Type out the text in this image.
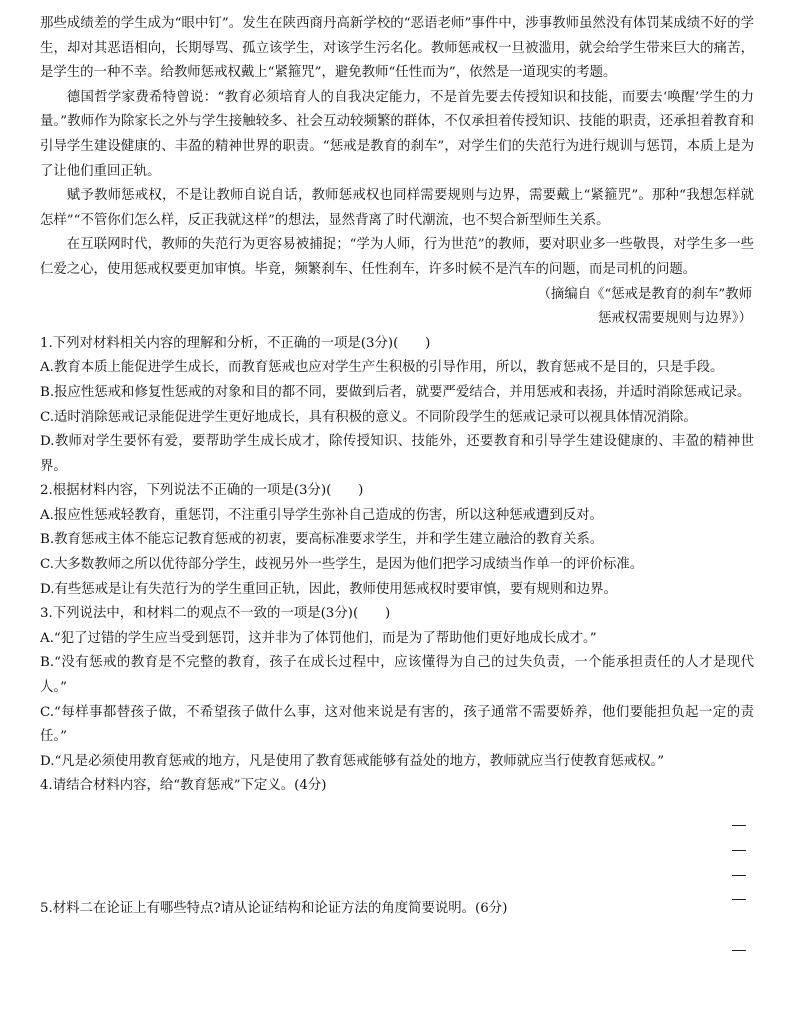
那些成绩差的学生成为“眼中钉”。发生在陕西商丹高新学校的“恶语老师”事件中，涉事教师虽然没有体罚某成绩不好的学生，却对其恶语相向，长期辱骂、孤立该学生，对该学生污名化。教师惩戒权一旦被滥用，就会给学生带来巨大的痛苦，是学生的一种不幸。给教师惩戒权戴上“紧箍咒”，避免教师“任性而为”，依然是一道现实的考题。

德国哲学家费希特曾说：“教育必须培育人的自我决定能力，不是首先要去传授知识和技能，而要去‘唤醒’学生的力量。”教师作为除家长之外与学生接触较多、社会互动较频繁的群体，不仅承担着传授知识、技能的职责，还承担着教育和引导学生建设健康的、丰盈的精神世界的职责。“惩戒是教育的刹车”，对学生们的失范行为进行规训与惩罚，本质上是为了让他们重回正轨。

赋予教师惩戒权，不是让教师自说自话，教师惩戒权也同样需要规则与边界，需要戴上“紧箍咒”。那种“我想怎样就怎样”“不管你们怎么样，反正我就这样”的想法，显然背离了时代潮流，也不契合新型师生关系。

在互联网时代，教师的失范行为更容易被捕捉；“学为人师，行为世范”的教师，要对职业多一些敬畏，对学生多一些仁爱之心，使用惩戒权要更加审慎。毕竟，频繁刹车、任性刹车，许多时候不是汽车的问题，而是司机的问题。

（摘编自《“惩戒是教育的刹车”教师

惩戒权需要规则与边界》）

1.下列对材料相关内容的理解和分析，不正确的一项是(3分)(　　)

A.教育本质上能促进学生成长，而教育惩戒也应对学生产生积极的引导作用，所以，教育惩戒不是目的，只是手段。

B.报应性惩戒和修复性惩戒的对象和目的都不同，要做到后者，就要严爱结合，并用惩戒和表扬，并适时消除惩戒记录。

C.适时消除惩戒记录能促进学生更好地成长，具有积极的意义。不同阶段学生的惩戒记录可以视具体情况消除。

D.教师对学生要怀有爱，要帮助学生成长成才，除传授知识、技能外，还要教育和引导学生建设健康的、丰盈的精神世界。

2.根据材料内容，下列说法不正确的一项是(3分)(　　)

A.报应性惩戒轻教育，重惩罚，不注重引导学生弥补自己造成的伤害，所以这种惩戒遭到反对。

B.教育惩戒主体不能忘记教育惩戒的初衷，要高标准要求学生，并和学生建立融洽的教育关系。

C.大多数教师之所以优待部分学生，歧视另外一些学生，是因为他们把学习成绩当作单一的评价标准。

D.有些惩戒是让有失范行为的学生重回正轨，因此，教师使用惩戒权时要审慎，要有规则和边界。

3.下列说法中，和材料二的观点不一致的一项是(3分)(　　)

A.“犯了过错的学生应当受到惩罚，这并非为了体罚他们，而是为了帮助他们更好地成长成才。”

B.“没有惩戒的教育是不完整的教育，孩子在成长过程中，应该懂得为自己的过失负责，一个能承担责任的人才是现代人。”

C.“每样事都替孩子做，不希望孩子做什么事，这对他来说是有害的，孩子通常不需要娇养，他们要能担负起一定的责任。”

D.“凡是必须使用教育惩戒的地方，凡是使用了教育惩戒能够有益处的地方，教师就应当行使教育惩戒权。”

4.请结合材料内容，给“教育惩戒”下定义。(4分)

5.材料二在论证上有哪些特点?请从论证结构和论证方法的角度简要说明。(6分)
